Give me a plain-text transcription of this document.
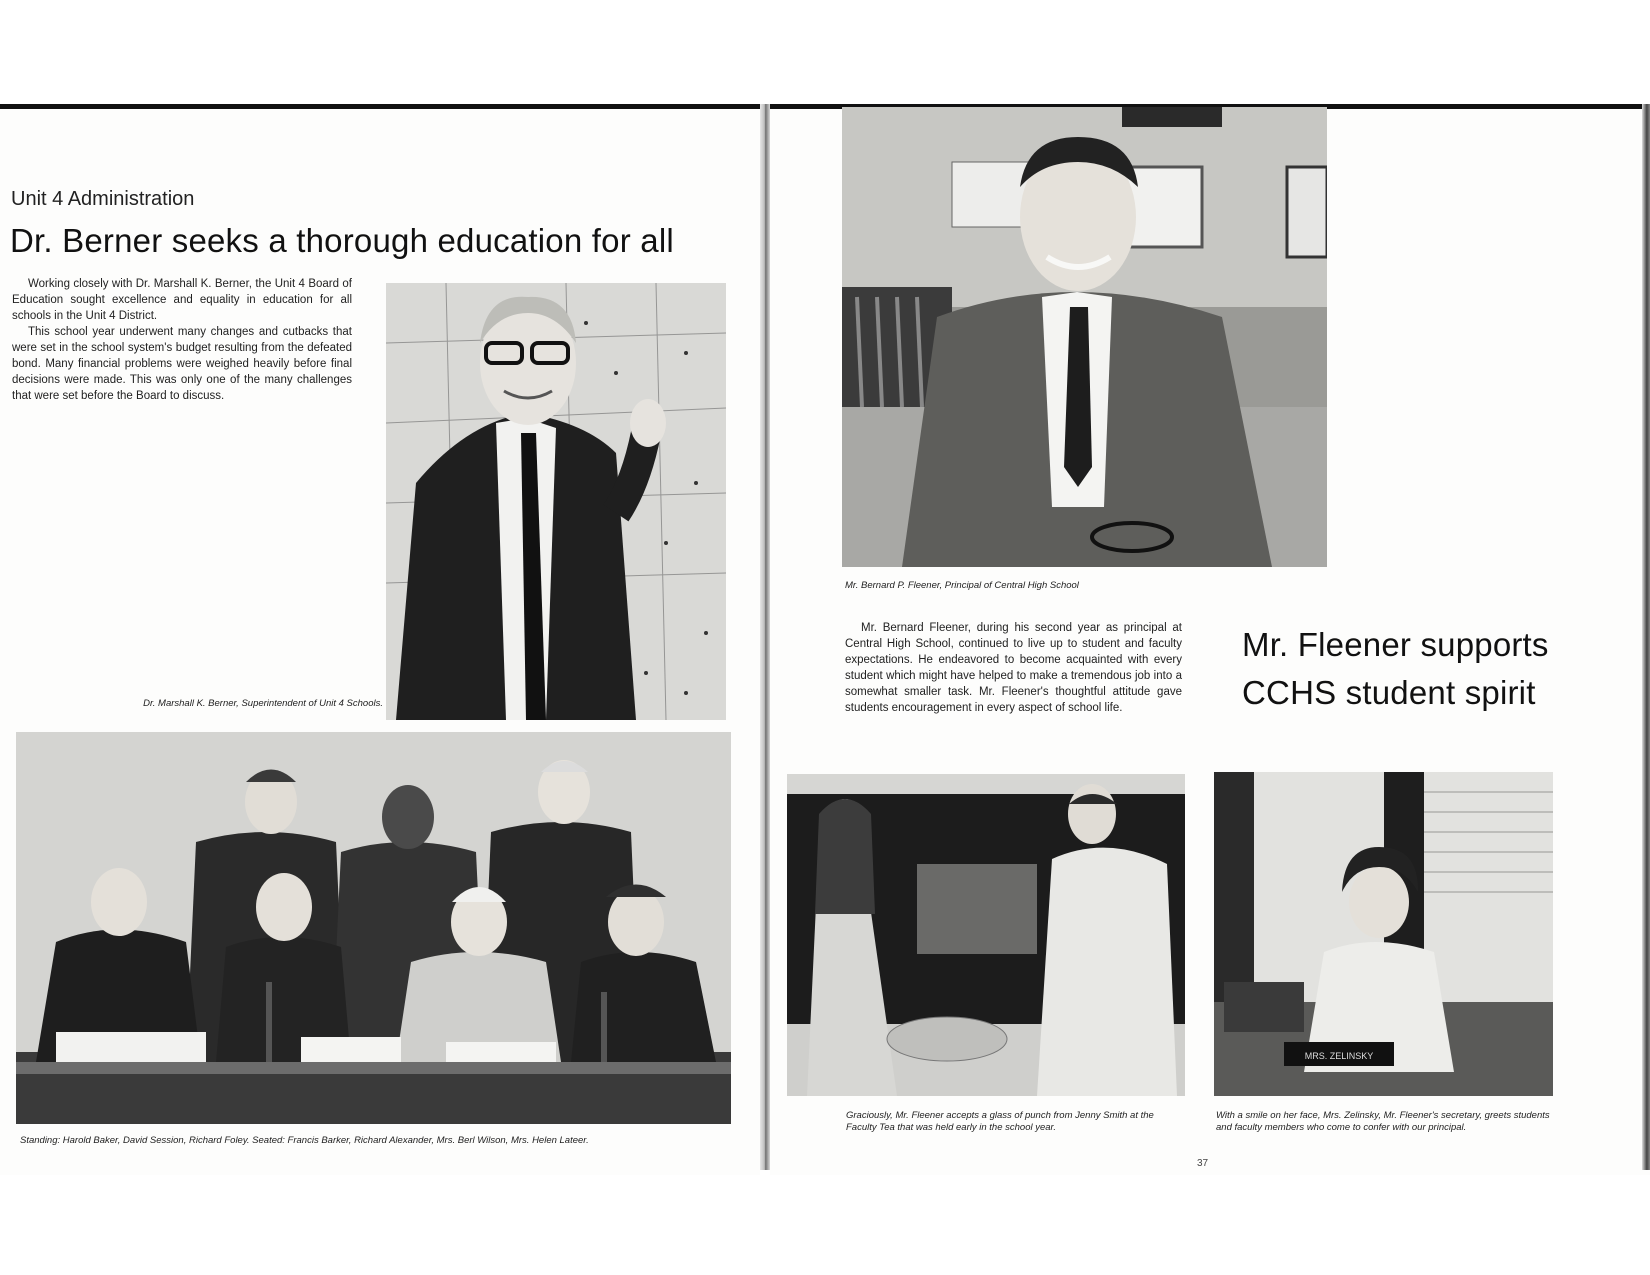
Unit 4 Administration
Dr. Berner seeks a thorough education for all

Working closely with Dr. Marshall K. Berner, the Unit 4 Board of Education sought excellence and equality in education for all schools in the Unit 4 District.

This school year underwent many changes and cutbacks that were set in the school system's budget resulting from the defeated bond. Many financial problems were weighed heavily before final decisions were made. This was only one of the many challenges that were set before the Board to discuss.

Dr. Marshall K. Berner, Superintendent of Unit 4 Schools.
Standing: Harold Baker, David Session, Richard Foley. Seated: Francis Barker, Richard Alexander, Mrs. Berl Wilson, Mrs. Helen Lateer.
Mr. Bernard P. Fleener, Principal of Central High School

Mr. Bernard Fleener, during his second year as principal at Central High School, continued to live up to student and faculty expectations. He endeavored to become acquainted with every student which might have helped to make a tremendous job into a somewhat smaller task. Mr. Fleener's thoughtful attitude gave students encouragement in every aspect of school life.

Mr. Fleener supports
CCHS student spirit
Graciously, Mr. Fleener accepts a glass of punch from Jenny Smith at the Faculty Tea that was held early in the school year.
MRS. ZELINSKY
With a smile on her face, Mrs. Zelinsky, Mr. Fleener's secretary, greets students and faculty members who come to confer with our principal.
37
